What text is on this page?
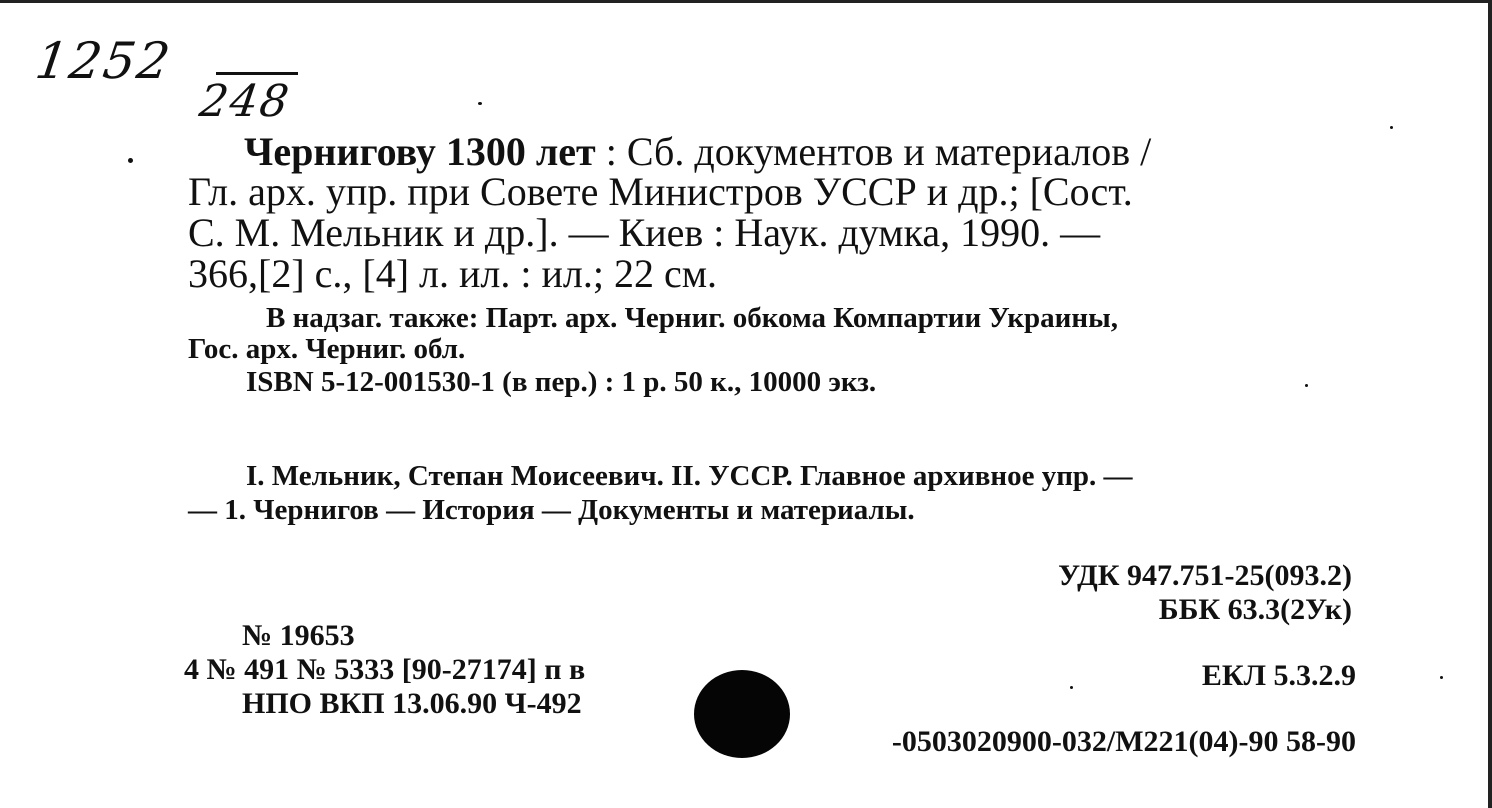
1252
248
Чернигову 1300 лет : Сб. документов и материалов /
Гл. арх. упр. при Совете Министров УССР и др.; [Сост.
С. М. Мельник и др.]. — Киев : Наук. думка, 1990. —
366,[2] с., [4] л. ил. : ил.; 22 см.
В надзаг. также: Парт. арх. Черниг. обкома Компартии Украины,
Гос. арх. Черниг. обл.
ISBN 5-12-001530-1 (в пер.) : 1 р. 50 к., 10000 экз.
I. Мельник, Степан Моисеевич. II. УССР. Главное архивное упр. —
— 1. Чернигов — История — Документы и материалы.
УДК 947.751-25(093.2)
ББК 63.3(2Ук)
№ 19653
4 № 491 № 5333 [90-27174] п в	ЕКЛ 5.3.2.9
НПО ВКП 13.06.90 Ч-492
-0503020900-032/М221(04)-90 58-90
